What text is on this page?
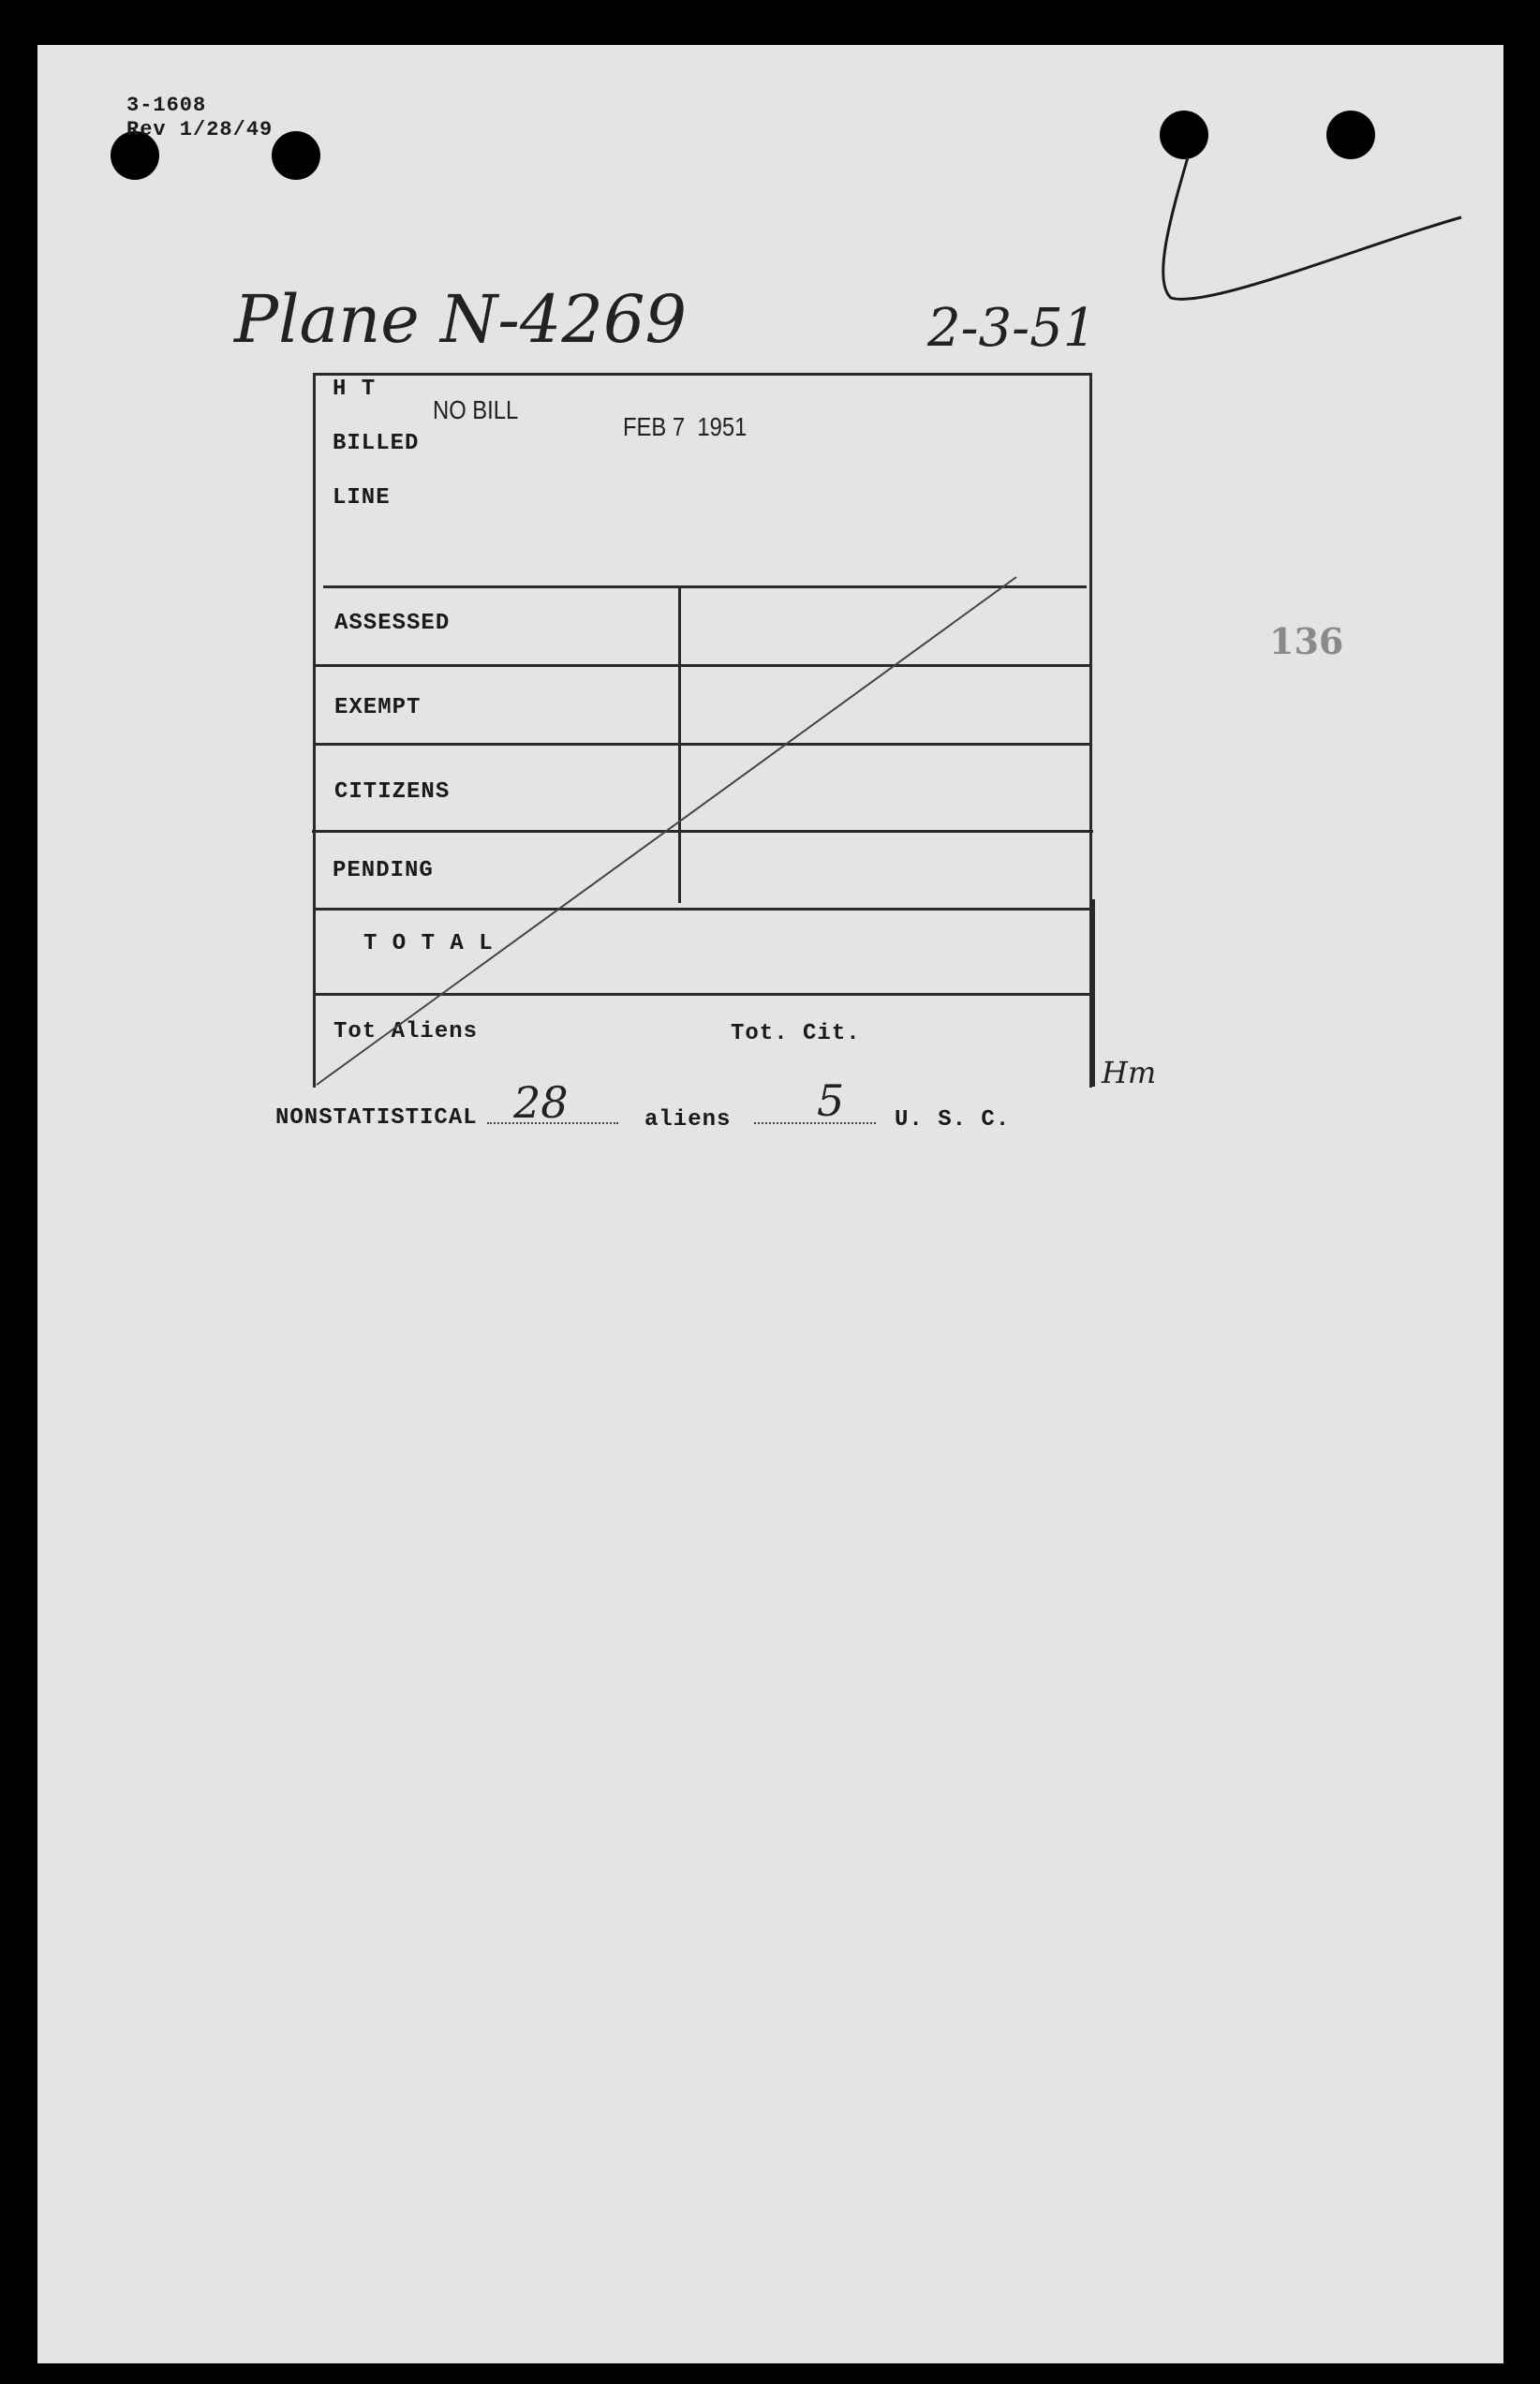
3-1608
Rev 1/28/49
Plane N-4269	2-3-51
136
H T
BILLED
LINE
ASSESSED
EXEMPT
CITIZENS
PENDING
T O T A L
Tot Aliens	Tot. Cit.
NO BILL
FEB 7  1951
Hm
NONSTATISTICAL 28	aliens 5 U. S. C.
